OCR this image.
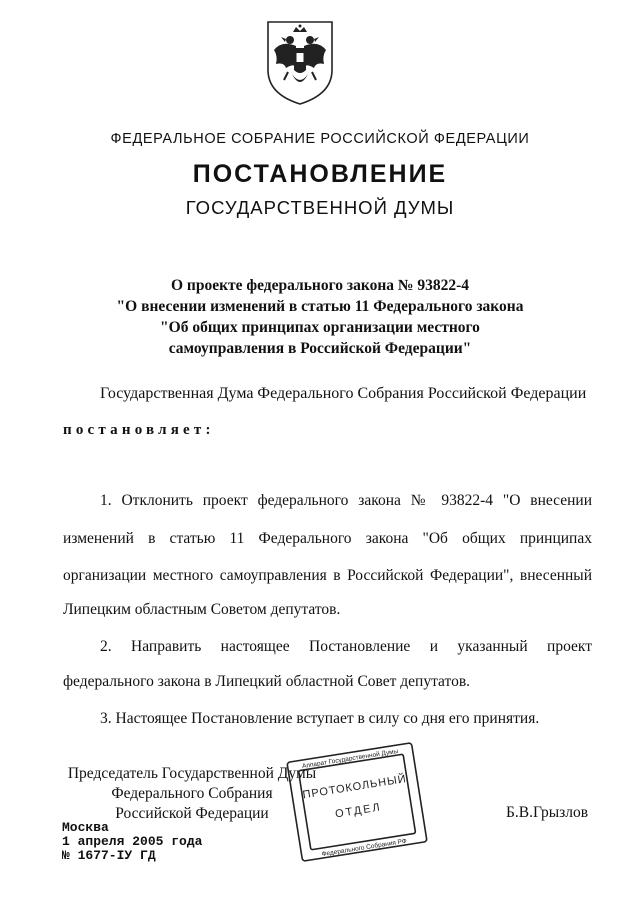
ФЕДЕРАЛЬНОЕ СОБРАНИЕ РОССИЙСКОЙ ФЕДЕРАЦИИ
ПОСТАНОВЛЕНИЕ
ГОСУДАРСТВЕННОЙ ДУМЫ
О проекте федерального закона № 93822-4
"О внесении изменений в статью 11 Федерального закона
"Об общих принципах организации местного
самоуправления в Российской Федерации"
Государственная Дума Федерального Собрания Российской Федерации
постановляет:
1. Отклонить проект федерального закона № 93822-4 "О внесении
изменений в статью 11 Федерального закона "Об общих принципах
организации местного самоуправления в Российской Федерации", внесенный
Липецким областным Советом депутатов.
2. Направить настоящее Постановление и указанный проект
федерального закона в Липецкий областной Совет депутатов.
3. Настоящее Постановление вступает в силу со дня его принятия.
Председатель Государственной Думы
Федерального Собрания
Российской Федерации	Б.В.Грызлов
Москва
1 апреля 2005 года
№ 1677-IУ ГД
Аппарат Государственной Думы
Федерального Собрания РФ
ПРОТОКОЛЬНЫЙ
ОТДЕЛ
